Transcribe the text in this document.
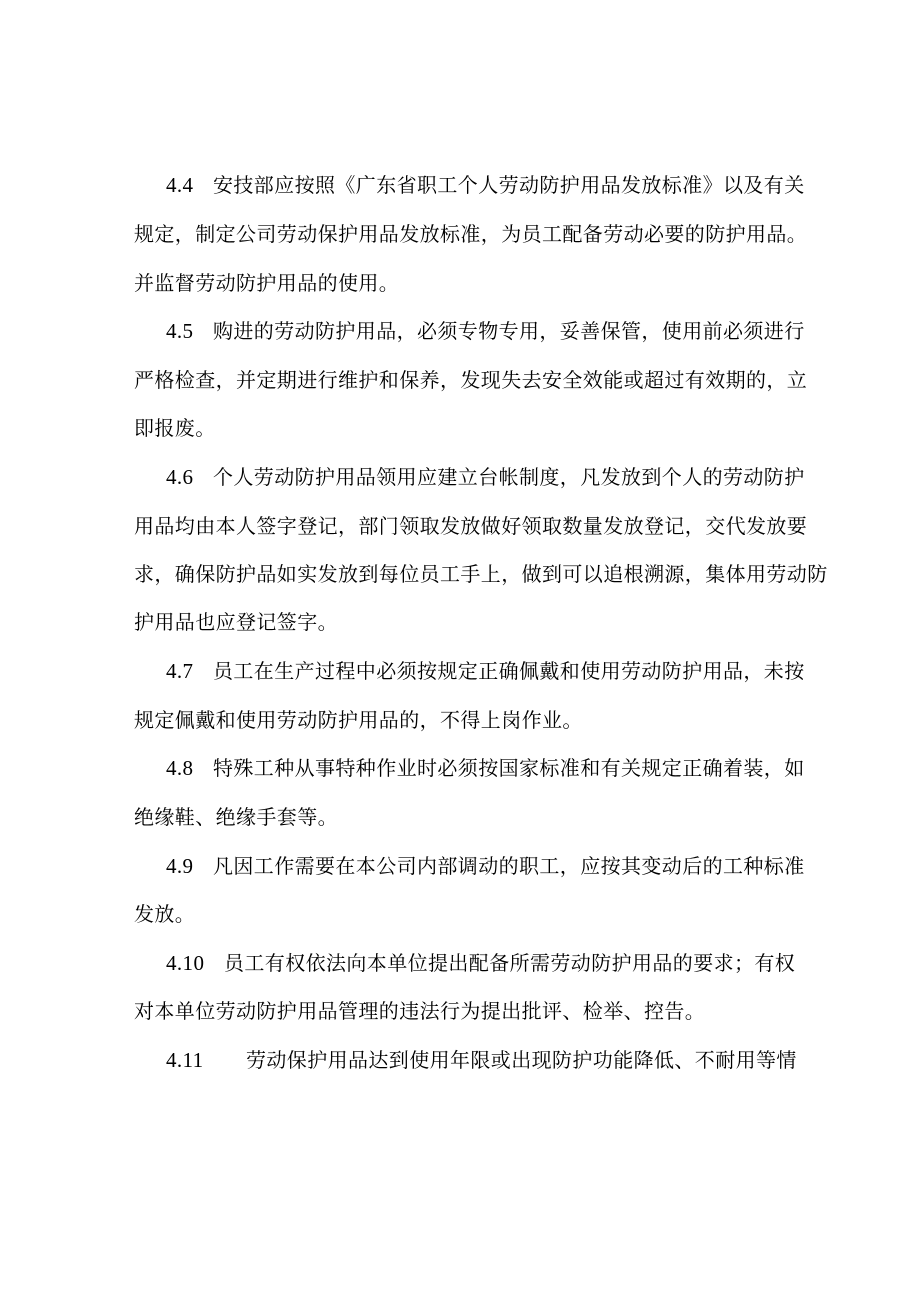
4.4 安技部应按照《广东省职工个人劳动防护用品发放标准》以及有关
规定，制定公司劳动保护用品发放标准，为员工配备劳动必要的防护用品。
并监督劳动防护用品的使用。
4.5 购进的劳动防护用品，必须专物专用，妥善保管，使用前必须进行
严格检查，并定期进行维护和保养，发现失去安全效能或超过有效期的，立
即报废。
4.6 个人劳动防护用品领用应建立台帐制度，凡发放到个人的劳动防护
用品均由本人签字登记，部门领取发放做好领取数量发放登记，交代发放要
求，确保防护品如实发放到每位员工手上，做到可以追根溯源，集体用劳动防
护用品也应登记签字。
4.7 员工在生产过程中必须按规定正确佩戴和使用劳动防护用品，未按
规定佩戴和使用劳动防护用品的，不得上岗作业。
4.8 特殊工种从事特种作业时必须按国家标准和有关规定正确着装，如
绝缘鞋、绝缘手套等。
4.9 凡因工作需要在本公司内部调动的职工，应按其变动后的工种标准
发放。
4.10 员工有权依法向本单位提出配备所需劳动防护用品的要求；有权
对本单位劳动防护用品管理的违法行为提出批评、检举、控告。
4.11 劳动保护用品达到使用年限或出现防护功能降低、不耐用等情
